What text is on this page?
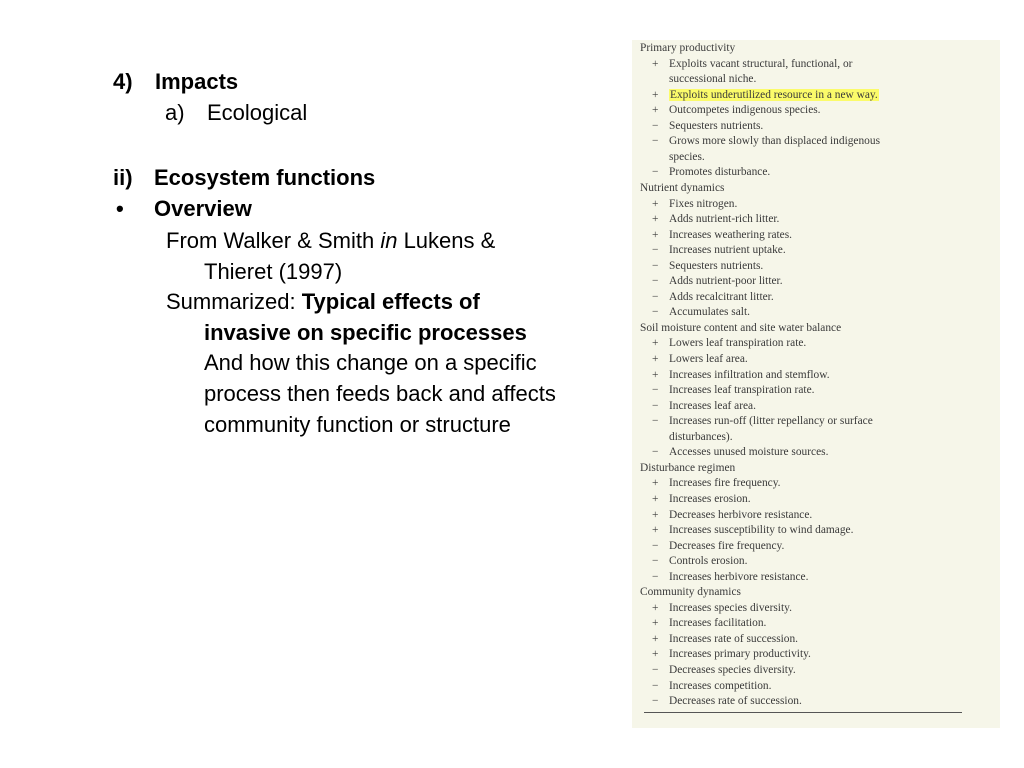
4) Impacts
a) Ecological
ii) Ecosystem functions
• Overview
From Walker & Smith in Lukens &
Thieret (1997)
Summarized: Typical effects of
invasive on specific processes
And how this change on a specific
process then feeds back and affects
community function or structure
Primary productivity
+ Exploits vacant structural, functional, or
successional niche.
+ Exploits underutilized resource in a new way.
+ Outcompetes indigenous species.
− Sequesters nutrients.
− Grows more slowly than displaced indigenous
species.
− Promotes disturbance.
Nutrient dynamics
+ Fixes nitrogen.
+ Adds nutrient-rich litter.
+ Increases weathering rates.
− Increases nutrient uptake.
− Sequesters nutrients.
− Adds nutrient-poor litter.
− Adds recalcitrant litter.
− Accumulates salt.
Soil moisture content and site water balance
+ Lowers leaf transpiration rate.
+ Lowers leaf area.
+ Increases infiltration and stemflow.
− Increases leaf transpiration rate.
− Increases leaf area.
− Increases run-off (litter repellancy or surface
disturbances).
− Accesses unused moisture sources.
Disturbance regimen
+ Increases fire frequency.
+ Increases erosion.
+ Decreases herbivore resistance.
+ Increases susceptibility to wind damage.
− Decreases fire frequency.
− Controls erosion.
− Increases herbivore resistance.
Community dynamics
+ Increases species diversity.
+ Increases facilitation.
+ Increases rate of succession.
+ Increases primary productivity.
− Decreases species diversity.
− Increases competition.
− Decreases rate of succession.
